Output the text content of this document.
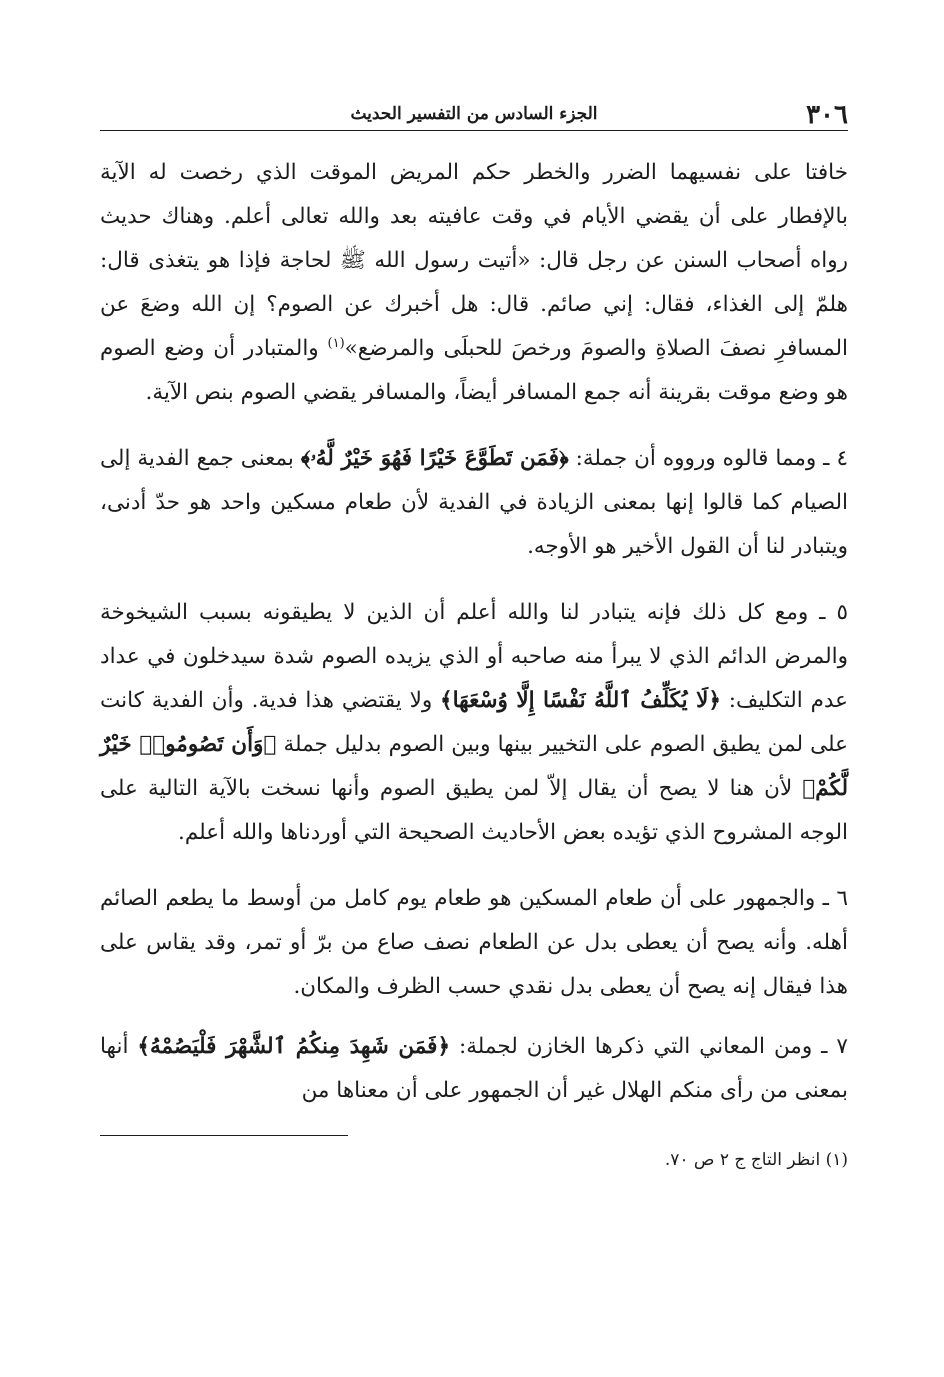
٣٠٦
الجزء السادس من التفسير الحديث

خافتا على نفسيهما الضرر والخطر حكم المريض الموقت الذي رخصت له الآية بالإفطار على أن يقضي الأيام في وقت عافيته بعد والله تعالى أعلم. وهناك حديث رواه أصحاب السنن عن رجل قال: «أتيت رسول الله ﷺ لحاجة فإذا هو يتغذى قال: هلمّ إلى الغذاء، فقال: إني صائم. قال: هل أخبرك عن الصوم؟ إن الله وضعَ عن المسافرِ نصفَ الصلاةِ والصومَ ورخصَ للحبلَى والمرضع»$^{(١)}$ والمتبادر أن وضع الصوم هو وضع موقت بقرينة أنه جمع المسافر أيضاً، والمسافر يقضي الصوم بنص الآية.

٤ ـ ومما قالوه ورووه أن جملة: ﴿فَمَن تَطَوَّعَ خَيْرًا فَهُوَ خَيْرٌ لَّهُۥ﴾ بمعنى جمع الفدية إلى الصيام كما قالوا إنها بمعنى الزيادة في الفدية لأن طعام مسكين واحد هو حدّ أدنى، ويتبادر لنا أن القول الأخير هو الأوجه.

٥ ـ ومع كل ذلك فإنه يتبادر لنا والله أعلم أن الذين لا يطيقونه بسبب الشيخوخة والمرض الدائم الذي لا يبرأ منه صاحبه أو الذي يزيده الصوم شدة سيدخلون في عداد عدم التكليف: ﴿لَا يُكَلِّفُ ٱللَّهُ نَفْسًا إِلَّا وُسْعَهَا﴾ ولا يقتضي هذا فدية. وأن الفدية كانت على لمن يطيق الصوم على التخيير بينها وبين الصوم بدليل جملة ﴿وَأَن تَصُومُوا۟ خَيْرٌ لَّكُمْ﴾ لأن هنا لا يصح أن يقال إلاّ لمن يطيق الصوم وأنها نسخت بالآية التالية على الوجه المشروح الذي تؤيده بعض الأحاديث الصحيحة التي أوردناها والله أعلم.

٦ ـ والجمهور على أن طعام المسكين هو طعام يوم كامل من أوسط ما يطعم الصائم أهله. وأنه يصح أن يعطى بدل عن الطعام نصف صاع من برّ أو تمر، وقد يقاس على هذا فيقال إنه يصح أن يعطى بدل نقدي حسب الظرف والمكان.

٧ ـ ومن المعاني التي ذكرها الخازن لجملة: ﴿فَمَن شَهِدَ مِنكُمُ ٱلشَّهْرَ فَلْيَصُمْهُ﴾ أنها بمعنى من رأى منكم الهلال غير أن الجمهور على أن معناها من

(١) انظر التاج ج ٢ ص ٧٠.
